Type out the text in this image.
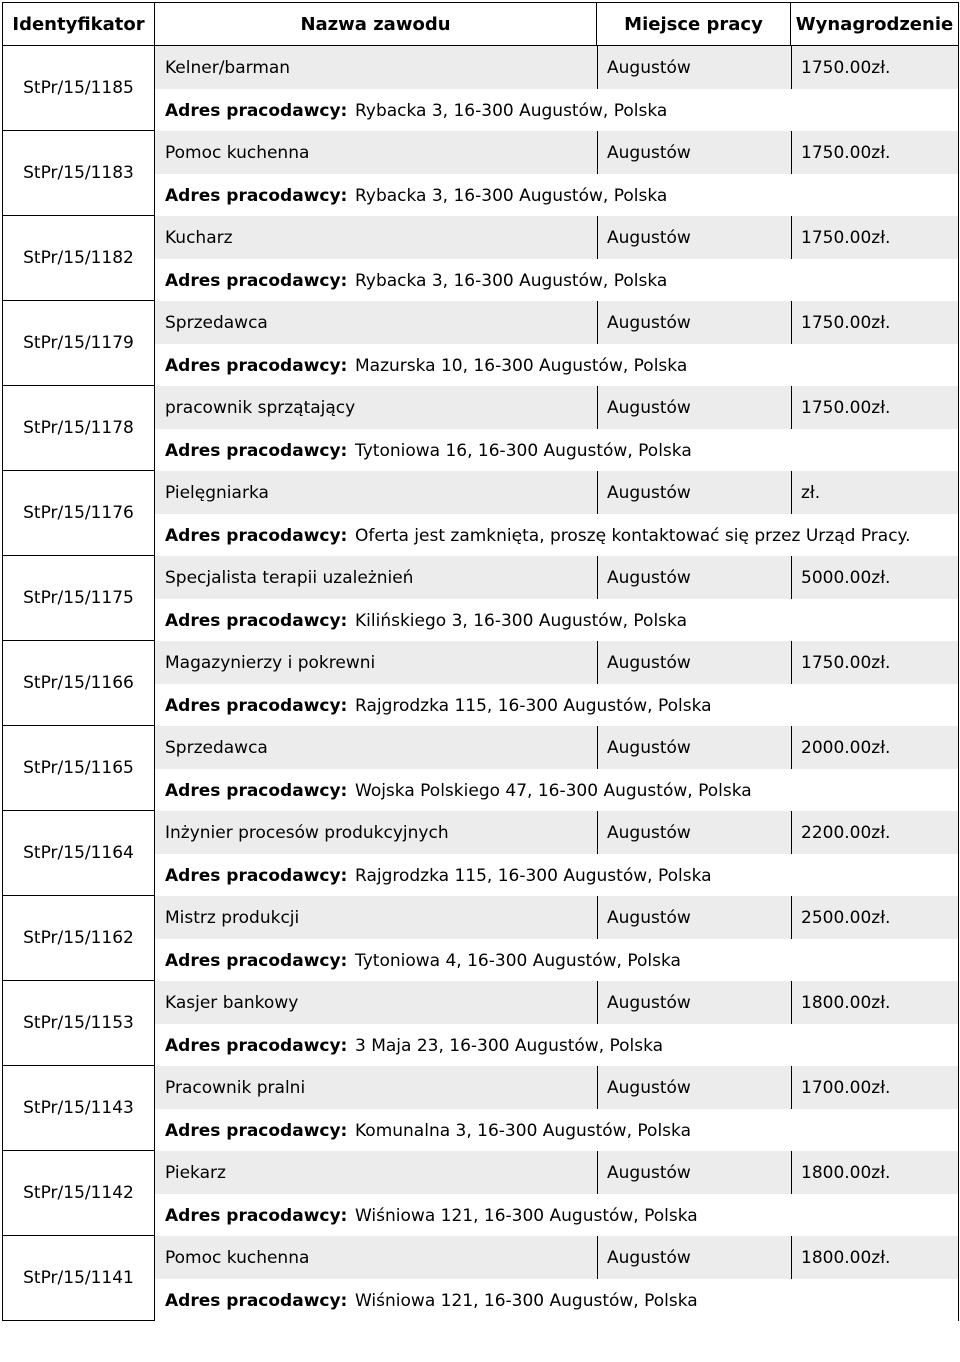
Identyfikator	Nazwa zawodu	Miejsce pracy	Wynagrodzenie
StPr/15/1185	Kelner/barman Augustów 1750.00zł.
Adres pracodawcy: Rybacka 3, 16-300 Augustów, Polska		

StPr/15/1183	Pomoc kuchenna Augustów 1750.00zł.
Adres pracodawcy: Rybacka 3, 16-300 Augustów, Polska		

StPr/15/1182	Kucharz Augustów 1750.00zł.
Adres pracodawcy: Rybacka 3, 16-300 Augustów, Polska		

StPr/15/1179	Sprzedawca Augustów 1750.00zł.
Adres pracodawcy: Mazurska 10, 16-300 Augustów, Polska		

StPr/15/1178	pracownik sprzątający Augustów 1750.00zł.
Adres pracodawcy: Tytoniowa 16, 16-300 Augustów, Polska		

StPr/15/1176	Pielęgniarka Augustów zł.
Adres pracodawcy: Oferta jest zamknięta, proszę kontaktować się przez Urząd Pracy.		

StPr/15/1175	Specjalista terapii uzależnień Augustów 5000.00zł.
Adres pracodawcy: Kilińskiego 3, 16-300 Augustów, Polska		

StPr/15/1166	Magazynierzy i pokrewni Augustów 1750.00zł.
Adres pracodawcy: Rajgrodzka 115, 16-300 Augustów, Polska		

StPr/15/1165	Sprzedawca Augustów 2000.00zł.
Adres pracodawcy: Wojska Polskiego 47, 16-300 Augustów, Polska		

StPr/15/1164	Inżynier procesów produkcyjnych Augustów 2200.00zł.
Adres pracodawcy: Rajgrodzka 115, 16-300 Augustów, Polska		

StPr/15/1162	Mistrz produkcji Augustów 2500.00zł.
Adres pracodawcy: Tytoniowa 4, 16-300 Augustów, Polska		

StPr/15/1153	Kasjer bankowy Augustów 1800.00zł.
Adres pracodawcy: 3 Maja 23, 16-300 Augustów, Polska		

StPr/15/1143	Pracownik pralni Augustów 1700.00zł.
Adres pracodawcy: Komunalna 3, 16-300 Augustów, Polska		

StPr/15/1142	Piekarz Augustów 1800.00zł.
Adres pracodawcy: Wiśniowa 121, 16-300 Augustów, Polska		

StPr/15/1141	Pomoc kuchenna Augustów 1800.00zł.
Adres pracodawcy: Wiśniowa 121, 16-300 Augustów, Polska		
